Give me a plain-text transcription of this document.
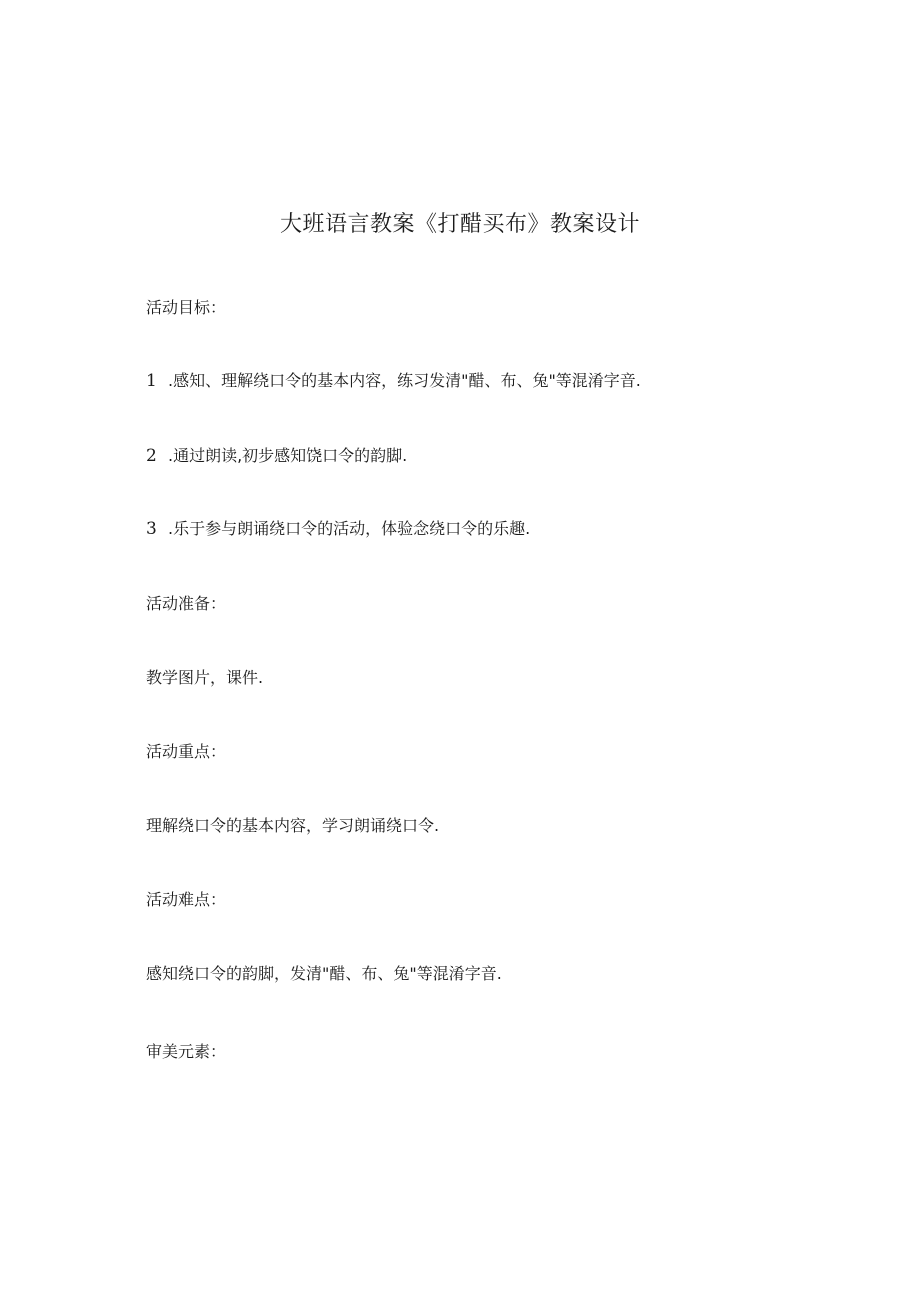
大班语言教案《打醋买布》教案设计
活动目标：
1 .感知、理解绕口令的基本内容，练习发清"醋、布、兔"等混淆字音.
2 .通过朗读,初步感知饶口令的韵脚.
3 .乐于参与朗诵绕口令的活动，体验念绕口令的乐趣.
活动准备：
教学图片，课件.
活动重点：
理解绕口令的基本内容，学习朗诵绕口令.
活动难点：
感知绕口令的韵脚，发清"醋、布、兔"等混淆字音.
审美元素：
